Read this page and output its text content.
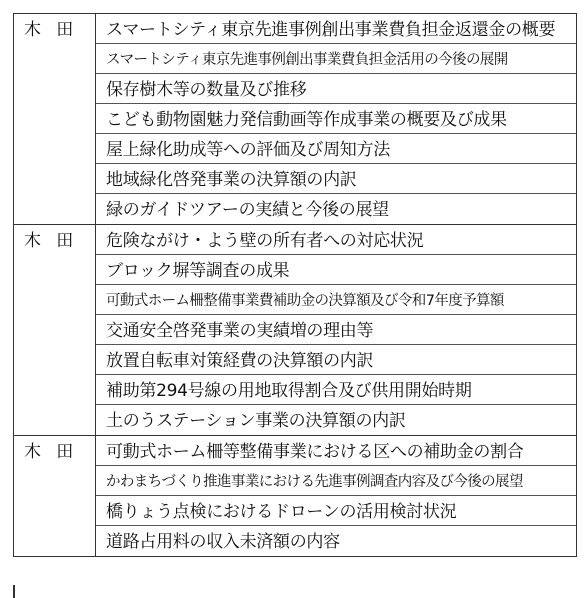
木田	スマートシティ東京先進事例創出事業費負担金返還金の概要
スマートシティ東京先進事例創出事業費負担金活用の今後の展開
保存樹木等の数量及び推移
こども動物園魅力発信動画等作成事業の概要及び成果
屋上緑化助成等への評価及び周知方法
地域緑化啓発事業の決算額の内訳
緑のガイドツアーの実績と今後の展望
木田	危険ながけ・よう壁の所有者への対応状況
ブロック塀等調査の成果
可動式ホーム柵整備事業費補助金の決算額及び令和7年度予算額
交通安全啓発事業の実績増の理由等
放置自転車対策経費の決算額の内訳
補助第294号線の用地取得割合及び供用開始時期
土のうステーション事業の決算額の内訳
木田	可動式ホーム柵等整備事業における区への補助金の割合
かわまちづくり推進事業における先進事例調査内容及び今後の展望
橋りょう点検におけるドローンの活用検討状況
道路占用料の収入未済額の内容
